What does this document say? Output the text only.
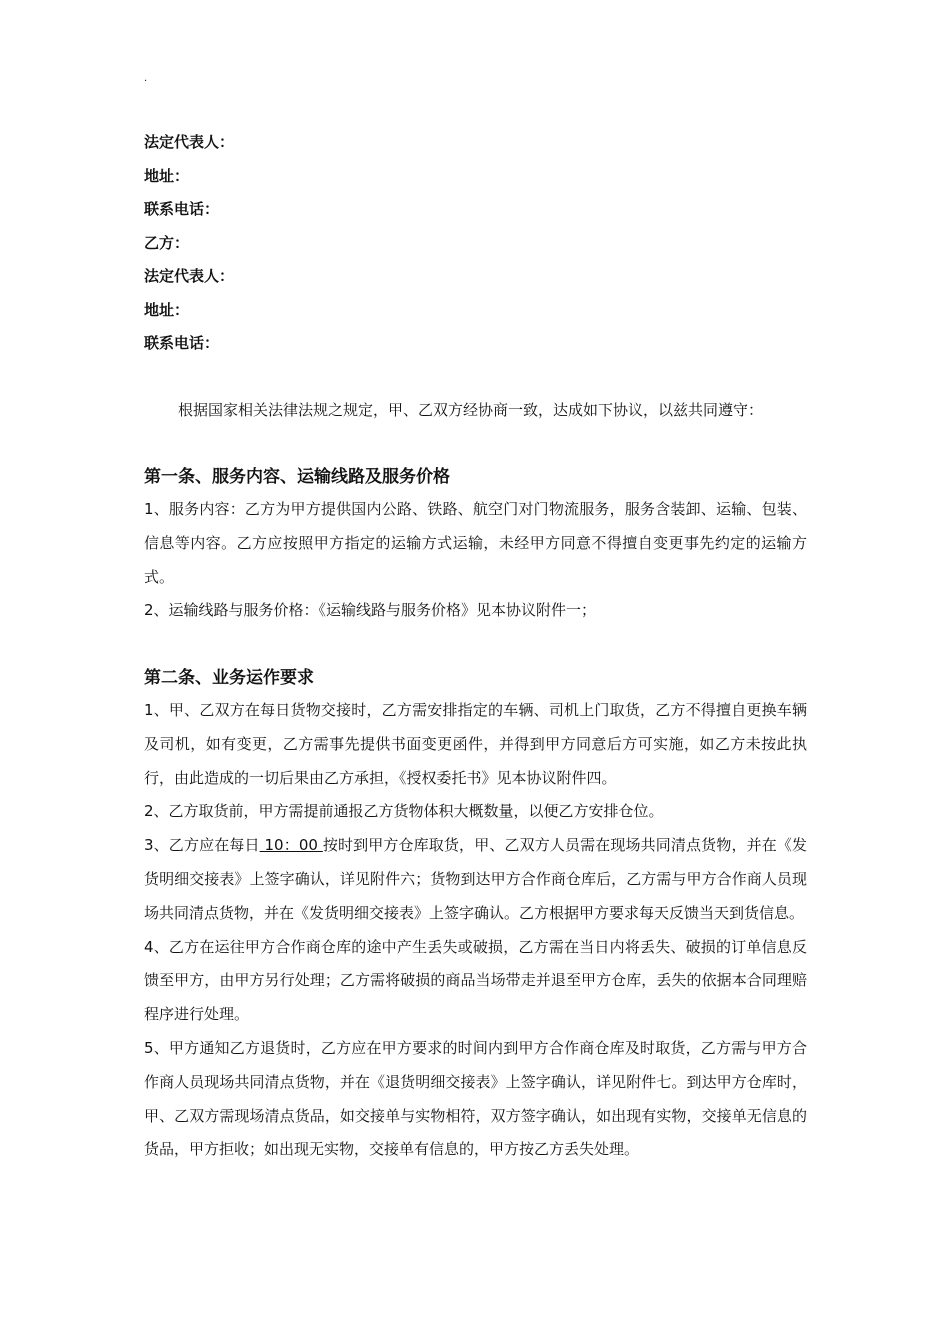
.
法定代表人：
地址：
联系电话：
乙方：
法定代表人：
地址：
联系电话：
根据国家相关法律法规之规定，甲、乙双方经协商一致，达成如下协议，以兹共同遵守：
第一条、服务内容、运输线路及服务价格

1、服务内容：乙方为甲方提供国内公路、铁路、航空门对门物流服务，服务含装卸、运输、包装、信息等内容。乙方应按照甲方指定的运输方式运输，未经甲方同意不得擅自变更事先约定的运输方式。

2、运输线路与服务价格：《运输线路与服务价格》见本协议附件一；

第二条、业务运作要求

1、甲、乙双方在每日货物交接时，乙方需安排指定的车辆、司机上门取货，乙方不得擅自更换车辆及司机，如有变更，乙方需事先提供书面变更函件，并得到甲方同意后方可实施，如乙方未按此执行，由此造成的一切后果由乙方承担，《授权委托书》见本协议附件四。

2、乙方取货前，甲方需提前通报乙方货物体积大概数量，以便乙方安排仓位。

3、乙方应在每日 10：00 按时到甲方仓库取货，甲、乙双方人员需在现场共同清点货物，并在《发货明细交接表》上签字确认，详见附件六；货物到达甲方合作商仓库后，乙方需与甲方合作商人员现场共同清点货物，并在《发货明细交接表》上签字确认。乙方根据甲方要求每天反馈当天到货信息。

4、乙方在运往甲方合作商仓库的途中产生丢失或破损，乙方需在当日内将丢失、破损的订单信息反馈至甲方，由甲方另行处理；乙方需将破损的商品当场带走并退至甲方仓库，丢失的依据本合同理赔程序进行处理。

5、甲方通知乙方退货时，乙方应在甲方要求的时间内到甲方合作商仓库及时取货，乙方需与甲方合作商人员现场共同清点货物，并在《退货明细交接表》上签字确认，详见附件七。到达甲方仓库时，甲、乙双方需现场清点货品，如交接单与实物相符，双方签字确认，如出现有实物，交接单无信息的货品，甲方拒收；如出现无实物，交接单有信息的，甲方按乙方丢失处理。
